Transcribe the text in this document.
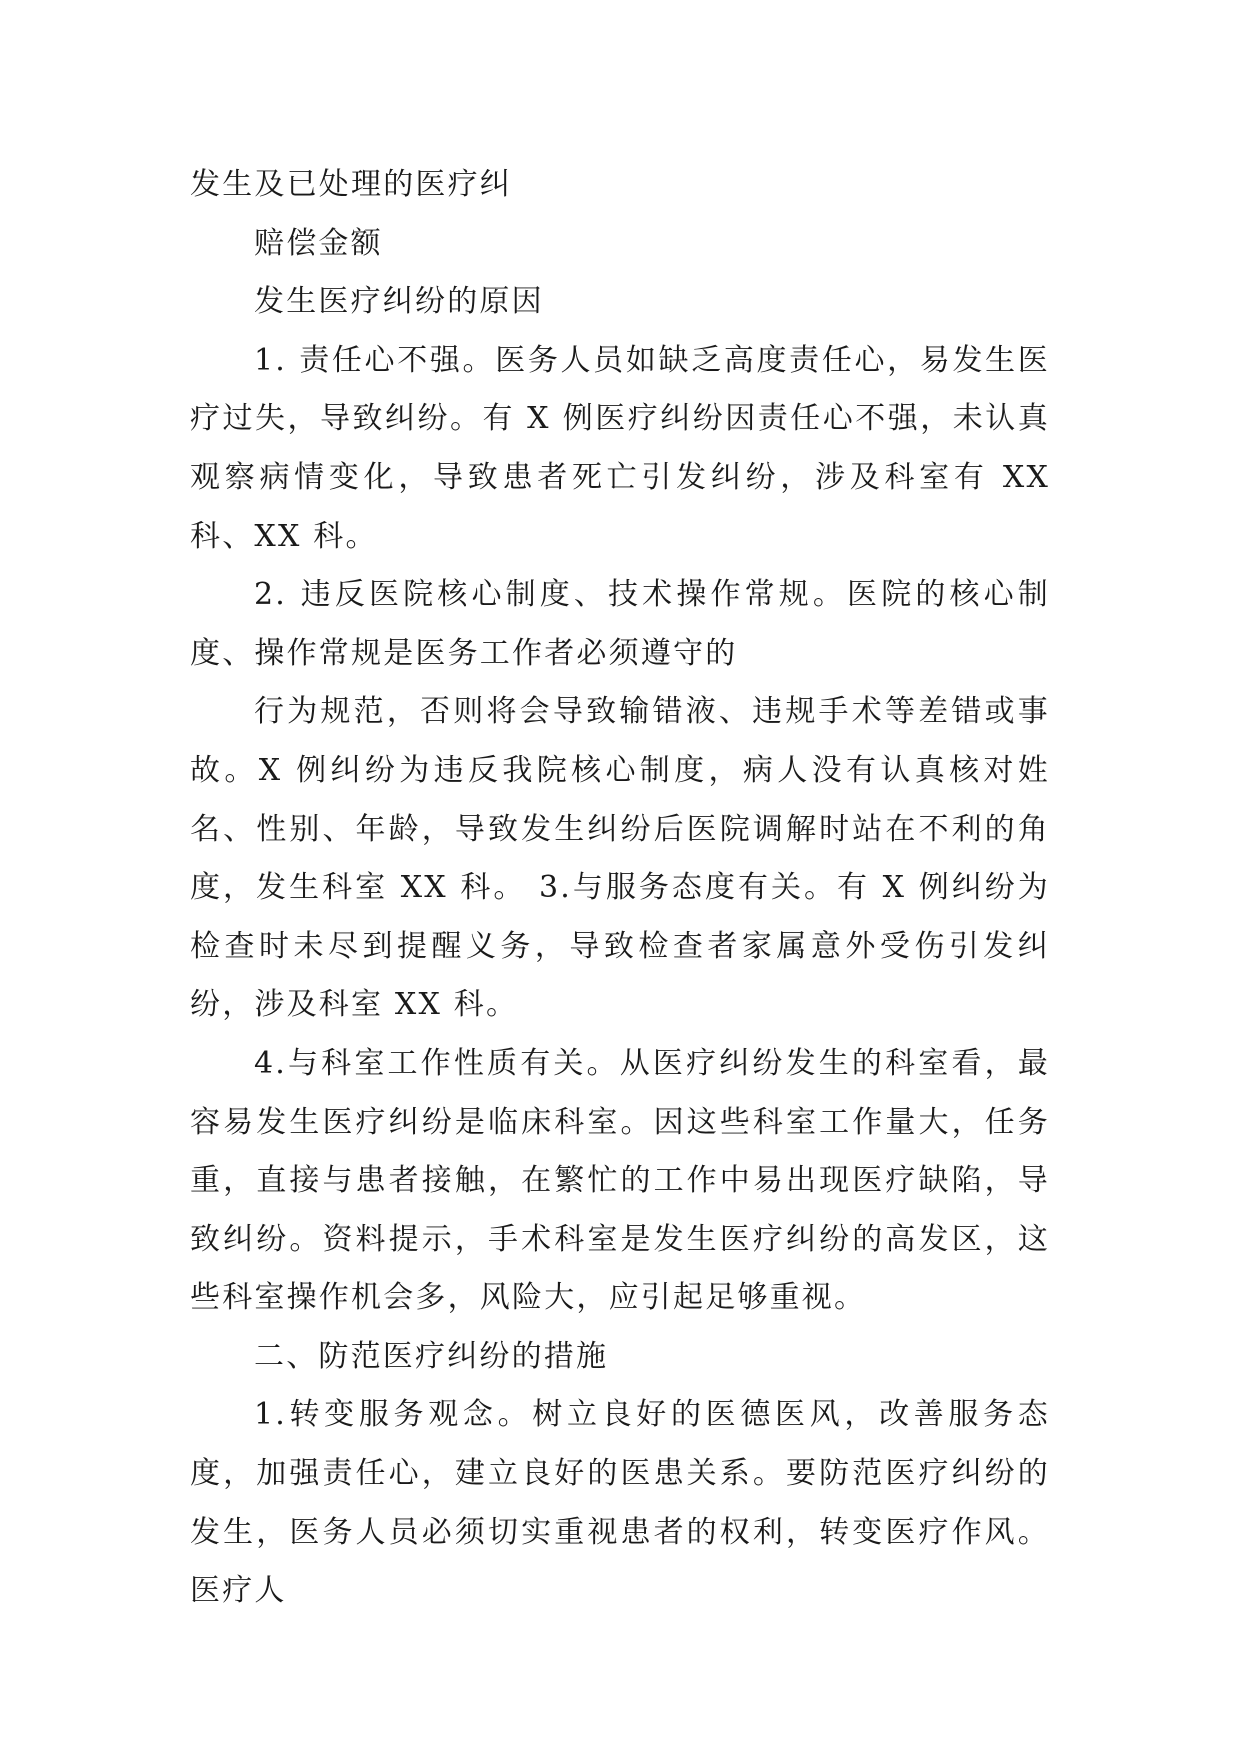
发生及已处理的医疗纠

赔偿金额

发生医疗纠纷的原因

1. 责任心不强。医务人员如缺乏高度责任心，易发生医疗过失，导致纠纷。有 X 例医疗纠纷因责任心不强，未认真观察病情变化，导致患者死亡引发纠纷，涉及科室有 XX 科、XX 科。

2. 违反医院核心制度、技术操作常规。医院的核心制度、操作常规是医务工作者必须遵守的

行为规范，否则将会导致输错液、违规手术等差错或事故。X 例纠纷为违反我院核心制度，病人没有认真核对姓名、性别、年龄，导致发生纠纷后医院调解时站在不利的角度，发生科室 XX 科。 3.与服务态度有关。有 X 例纠纷为检查时未尽到提醒义务，导致检查者家属意外受伤引发纠纷，涉及科室 XX 科。

4.与科室工作性质有关。从医疗纠纷发生的科室看，最容易发生医疗纠纷是临床科室。因这些科室工作量大，任务重，直接与患者接触，在繁忙的工作中易出现医疗缺陷，导致纠纷。资料提示，手术科室是发生医疗纠纷的高发区，这些科室操作机会多，风险大，应引起足够重视。

二、防范医疗纠纷的措施

1.转变服务观念。树立良好的医德医风，改善服务态度，加强责任心，建立良好的医患关系。要防范医疗纠纷的发生，医务人员必须切实重视患者的权利，转变医疗作风。医疗人
